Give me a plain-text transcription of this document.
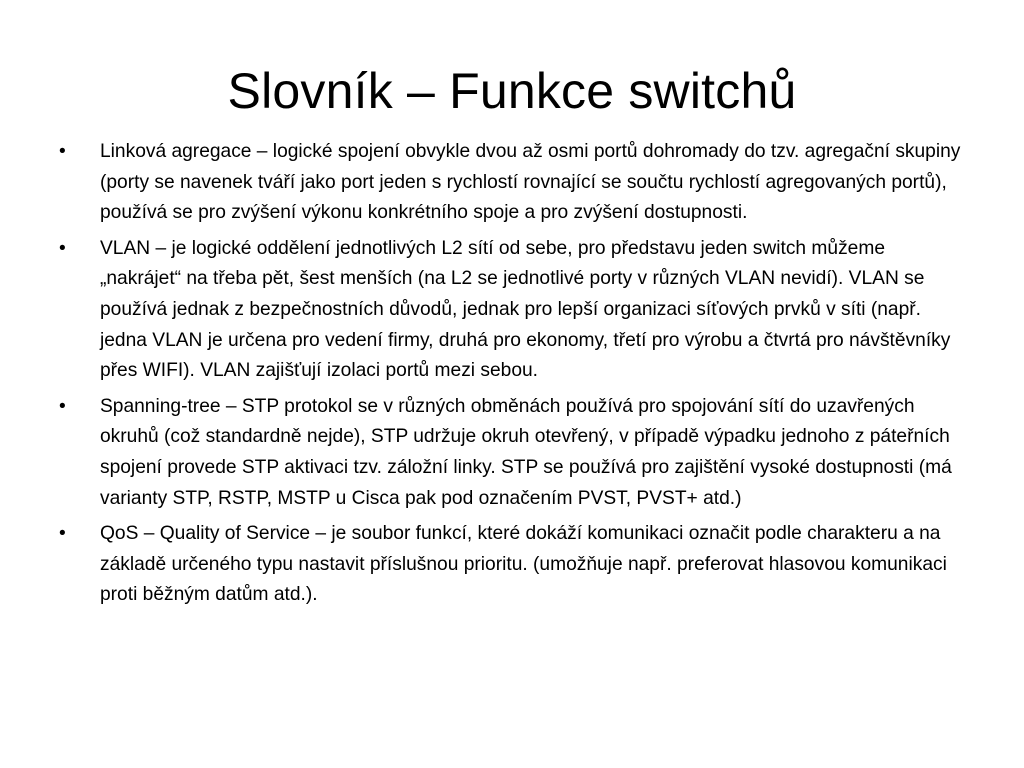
Slovník – Funkce switchů
•	Linková agregace – logické spojení obvykle dvou až osmi portů dohromady do tzv. agregační skupiny (porty se navenek tváří jako port jeden s rychlostí rovnající se součtu rychlostí agregovaných portů), používá se pro zvýšení výkonu konkrétního spoje a pro zvýšení dostupnosti.
•	VLAN – je logické oddělení jednotlivých L2 sítí od sebe, pro představu jeden switch můžeme „nakrájet“ na třeba pět, šest menších (na L2 se jednotlivé porty v různých VLAN nevidí). VLAN se používá jednak z bezpečnostních důvodů, jednak pro lepší organizaci síťových prvků v síti (např. jedna VLAN je určena pro vedení firmy, druhá pro ekonomy, třetí pro výrobu a čtvrtá pro návštěvníky přes WIFI). VLAN zajišťují izolaci portů mezi sebou.
•	Spanning-tree – STP protokol se v různých obměnách používá pro spojování sítí do uzavřených okruhů (což standardně nejde), STP udržuje okruh otevřený, v případě výpadku jednoho z páteřních spojení provede STP aktivaci tzv. záložní linky. STP se používá pro zajištění vysoké dostupnosti (má varianty STP, RSTP, MSTP u Cisca pak pod označením PVST, PVST+ atd.)
•	QoS – Quality of Service – je soubor funkcí, které dokáží komunikaci označit podle charakteru a na základě určeného typu nastavit příslušnou prioritu. (umožňuje např. preferovat hlasovou komunikaci proti běžným datům atd.).
